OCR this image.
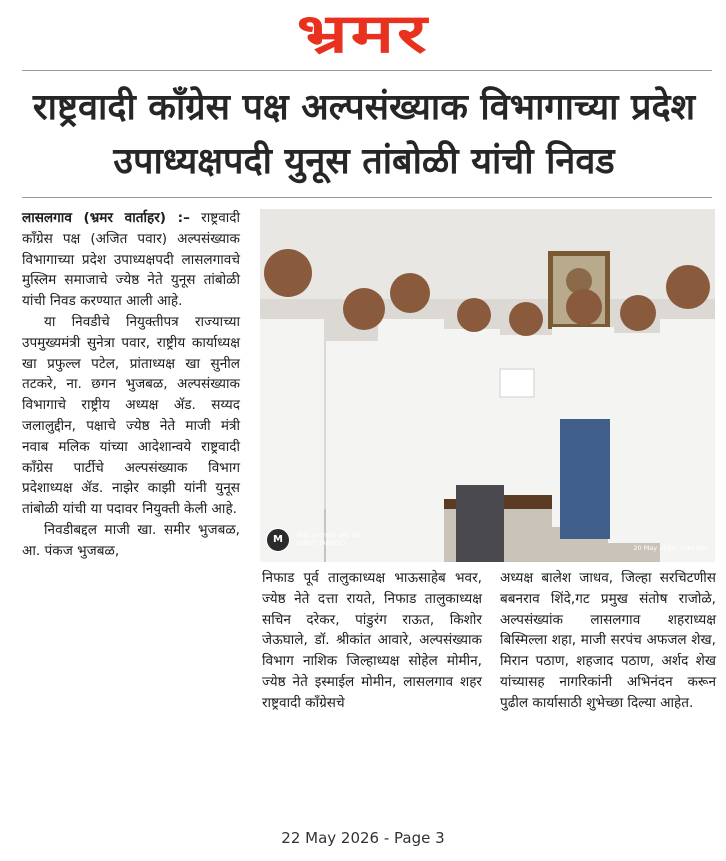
भ्रमर
राष्ट्रवादी कॉंग्रेस पक्ष अल्पसंख्याक विभागाच्या प्रदेश
उपाध्यक्षपदी युनूस तांबोळी यांची निवड

लासलगाव (भ्रमर वार्ताहर) :– राष्ट्रवादी कॉंग्रेस पक्ष (अजित पवार) अल्पसंख्याक विभागाच्या प्रदेश उपाध्यक्षपदी लासलगावचे मुस्लिम समाजाचे ज्येष्ठ नेते युनूस तांबोळी यांची निवड करण्यात आली आहे.

या निवडीचे नियुक्तीपत्र राज्याच्या उपमुख्यमंत्री सुनेत्रा पवार, राष्ट्रीय कार्याध्यक्ष खा प्रफुल्ल पटेल, प्रांताध्यक्ष खा सुनील तटकरे, ना. छगन भुजबळ, अल्पसंख्याक विभागाचे राष्ट्रीय अध्यक्ष ॲड. सय्यद जलालुद्दीन, पक्षाचे ज्येष्ठ नेते माजी मंत्री नवाब मलिक यांच्या आदेशान्वये राष्ट्रवादी कॉंग्रेस पार्टीचे अल्पसंख्याक विभाग प्रदेशाध्यक्ष ॲड. नाझेर काझी यांनी युनूस तांबोळी यांची या पदावर नियुक्ती केली आहे.

निवडीबद्दल माजी खा. समीर भुजबळ, आ. पंकज भुजबळ,

M	Shot on moto g45 5G
YUNUS TAMBOLI
20 May 2026, 1:44 pm

निफाड पूर्व तालुकाध्यक्ष भाऊसाहेब भवर, ज्येष्ठ नेते दत्ता रायते, निफाड तालुकाध्यक्ष सचिन दरेकर, पांडुरंग राऊत, किशोर जेऊघाले, डॉ. श्रीकांत आवारे, अल्पसंख्याक विभाग नाशिक जिल्हाध्यक्ष सोहेल मोमीन, ज्येष्ठ नेते इस्माईल मोमीन, लासलगाव शहर राष्ट्रवादी कॉंग्रेसचे

अध्यक्ष बालेश जाधव, जिल्हा सरचिटणीस बबनराव शिंदे,गट प्रमुख संतोष राजोळे, अल्पसंख्यांक लासलगाव शहराध्यक्ष बिस्मिल्ला शहा, माजी सरपंच अफजल शेख, मिरान पठाण, शहजाद पठाण, अर्शद शेख यांच्यासह नागरिकांनी अभिनंदन करून पुढील कार्यासाठी शुभेच्छा दिल्या आहेत.

22 May 2026 - Page 3
